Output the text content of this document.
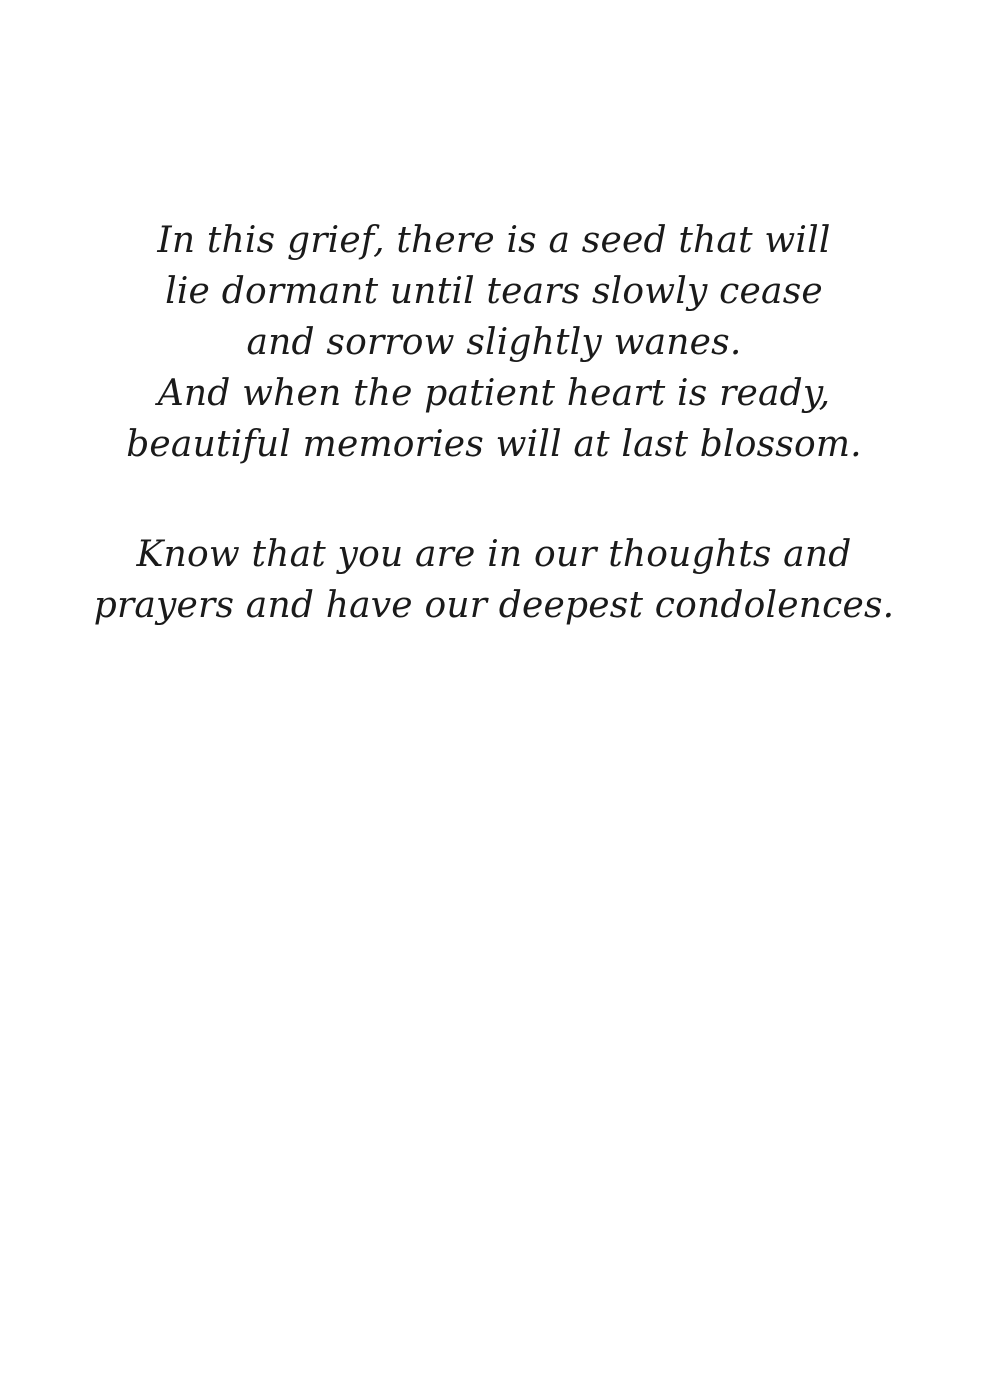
In this grief, there is a seed that will
lie dormant until tears slowly cease
and sorrow slightly wanes.
And when the patient heart is ready,
beautiful memories will at last blossom.
Know that you are in our thoughts and
prayers and have our deepest condolences.
